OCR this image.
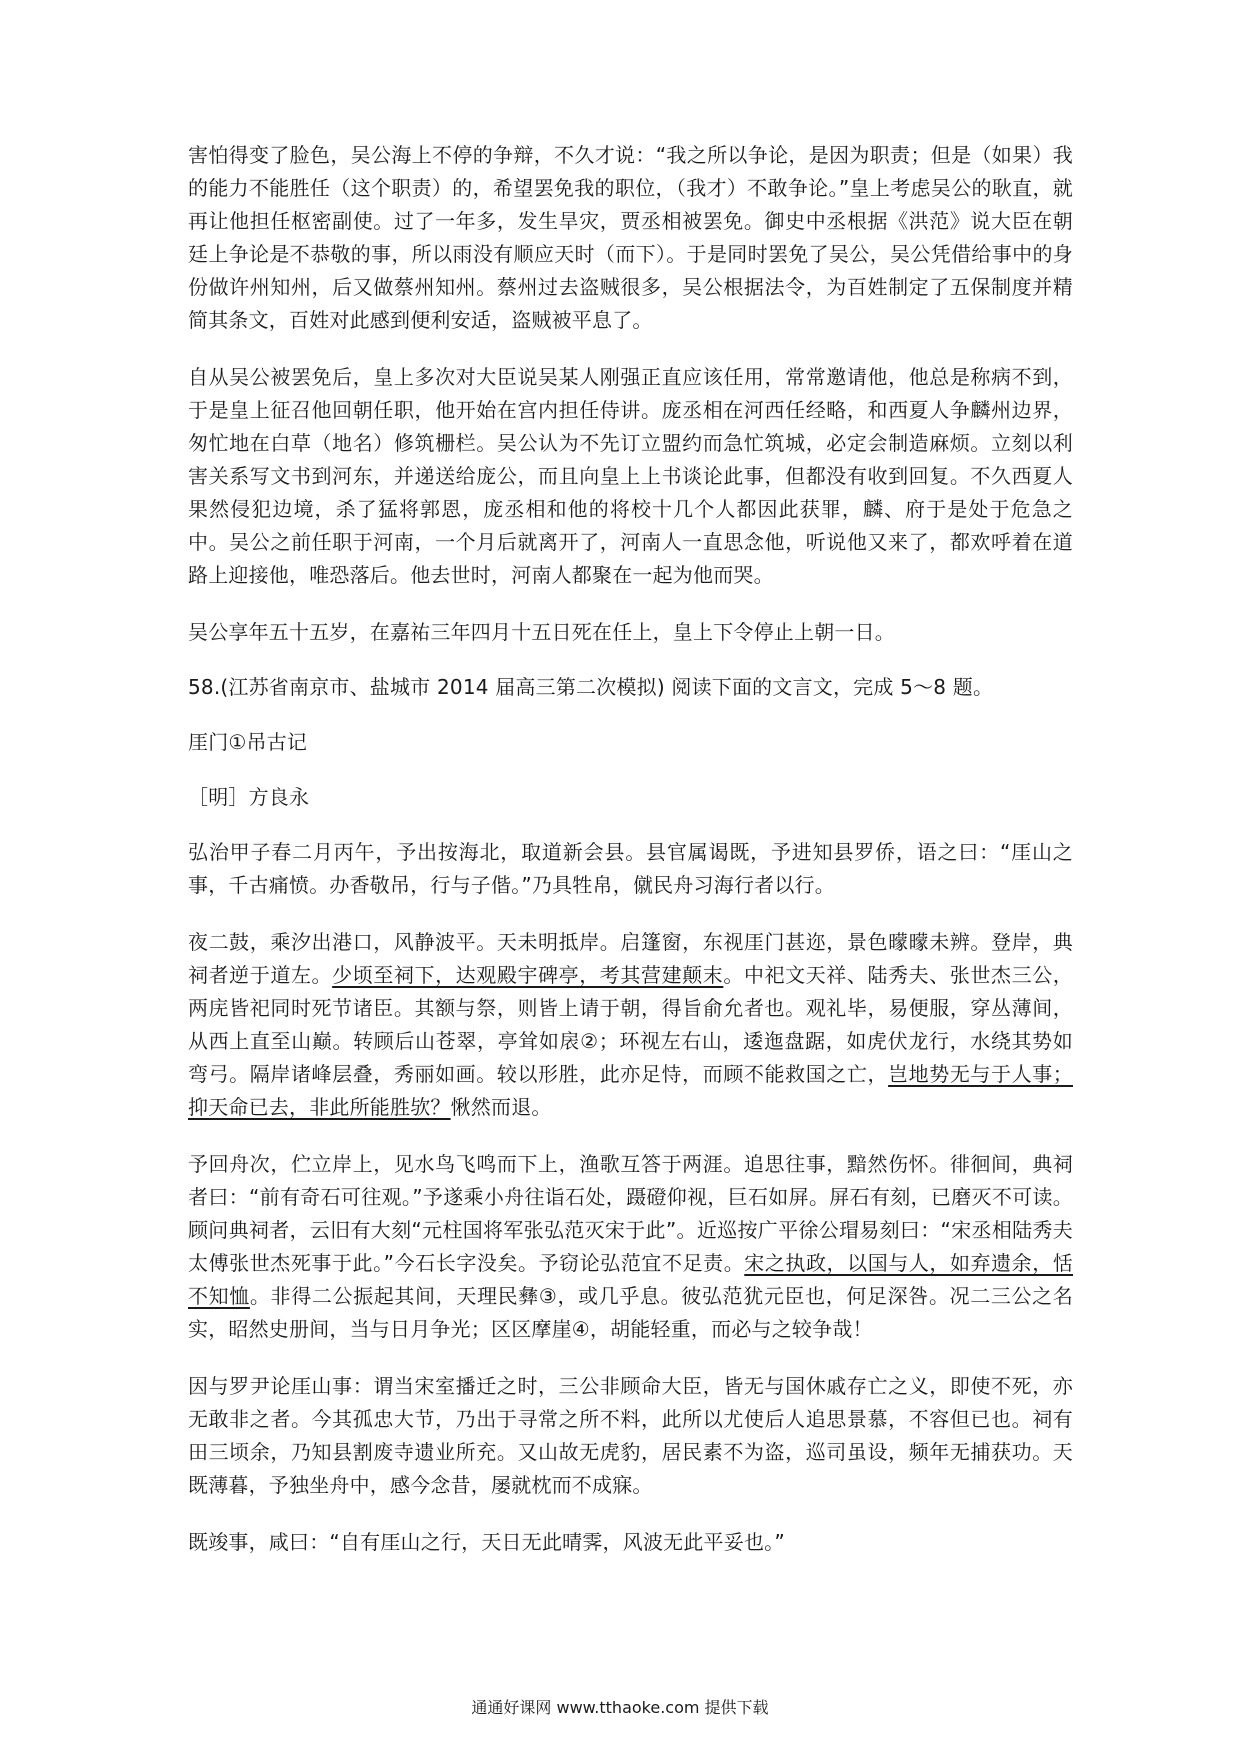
害怕得变了脸色，吴公海上不停的争辩，不久才说：“我之所以争论，是因为职责；但是（如果）我的能力不能胜任（这个职责）的，希望罢免我的职位，（我才）不敢争论。”皇上考虑吴公的耿直，就再让他担任枢密副使。过了一年多，发生旱灾，贾丞相被罢免。御史中丞根据《洪范》说大臣在朝廷上争论是不恭敬的事，所以雨没有顺应天时（而下）。于是同时罢免了吴公，吴公凭借给事中的身份做许州知州，后又做蔡州知州。蔡州过去盗贼很多，吴公根据法令，为百姓制定了五保制度并精简其条文，百姓对此感到便利安适，盗贼被平息了。

自从吴公被罢免后，皇上多次对大臣说吴某人刚强正直应该任用，常常邀请他，他总是称病不到，于是皇上征召他回朝任职，他开始在宫内担任侍讲。庞丞相在河西任经略，和西夏人争麟州边界，匆忙地在白草（地名）修筑栅栏。吴公认为不先订立盟约而急忙筑城，必定会制造麻烦。立刻以利害关系写文书到河东，并递送给庞公，而且向皇上上书谈论此事，但都没有收到回复。不久西夏人果然侵犯边境，杀了猛将郭恩，庞丞相和他的将校十几个人都因此获罪，麟、府于是处于危急之中。吴公之前任职于河南，一个月后就离开了，河南人一直思念他，听说他又来了，都欢呼着在道路上迎接他，唯恐落后。他去世时，河南人都聚在一起为他而哭。

吴公享年五十五岁，在嘉祐三年四月十五日死在任上，皇上下令停止上朝一日。

58.(江苏省南京市、盐城市 2014 届高三第二次模拟) 阅读下面的文言文，完成 5～8 题。

厓门①吊古记

［明］方良永

弘治甲子春二月丙午，予出按海北，取道新会县。县官属谒既，予进知县罗侨，语之曰：“厓山之事，千古痛愤。办香敬吊，行与子偕。”乃具牲帛，僦民舟习海行者以行。

夜二鼓，乘汐出港口，风静波平。天未明抵岸。启篷窗，东视厓门甚迩，景色曚曚未辨。登岸，典祠者逆于道左。少顷至祠下，达观殿宇碑亭，考其营建颠末。中祀文天祥、陆秀夫、张世杰三公，两庑皆祀同时死节诸臣。其额与祭，则皆上请于朝，得旨俞允者也。观礼毕，易便服，穿丛薄间，从西上直至山巅。转顾后山苍翠，亭耸如扆②；环视左右山，逶迤盘踞，如虎伏龙行，水绕其势如弯弓。隔岸诸峰层叠，秀丽如画。较以形胜，此亦足恃，而顾不能救国之亡，岂地势无与于人事；抑天命已去，非此所能胜欤？愀然而退。

予回舟次，伫立岸上，见水鸟飞鸣而下上，渔歌互答于两涯。追思往事，黯然伤怀。徘徊间，典祠者曰：“前有奇石可往观。”予遂乘小舟往诣石处，蹑磴仰视，巨石如屏。屏石有刻，已磨灭不可读。顾问典祠者，云旧有大刻“元柱国将军张弘范灭宋于此”。近巡按广平徐公瑁易刻曰：“宋丞相陆秀夫太傅张世杰死事于此。”今石长字没矣。予窃论弘范宜不足责。宋之执政，以国与人，如弃遗余，恬不知恤。非得二公振起其间，天理民彝③，或几乎息。彼弘范犹元臣也，何足深咎。况二三公之名实，昭然史册间，当与日月争光；区区摩崖④，胡能轻重，而必与之较争哉！

因与罗尹论厓山事：谓当宋室播迁之时，三公非顾命大臣，皆无与国休戚存亡之义，即使不死，亦无敢非之者。今其孤忠大节，乃出于寻常之所不料，此所以尤使后人追思景慕，不容但已也。祠有田三顷余，乃知县割废寺遗业所充。又山故无虎豹，居民素不为盗，巡司虽设，频年无捕获功。天既薄暮，予独坐舟中，感今念昔，屡就枕而不成寐。

既竣事，咸曰：“自有厓山之行，天日无此晴霁，风波无此平妥也。”

通通好课网 www.tthaoke.com 提供下载
